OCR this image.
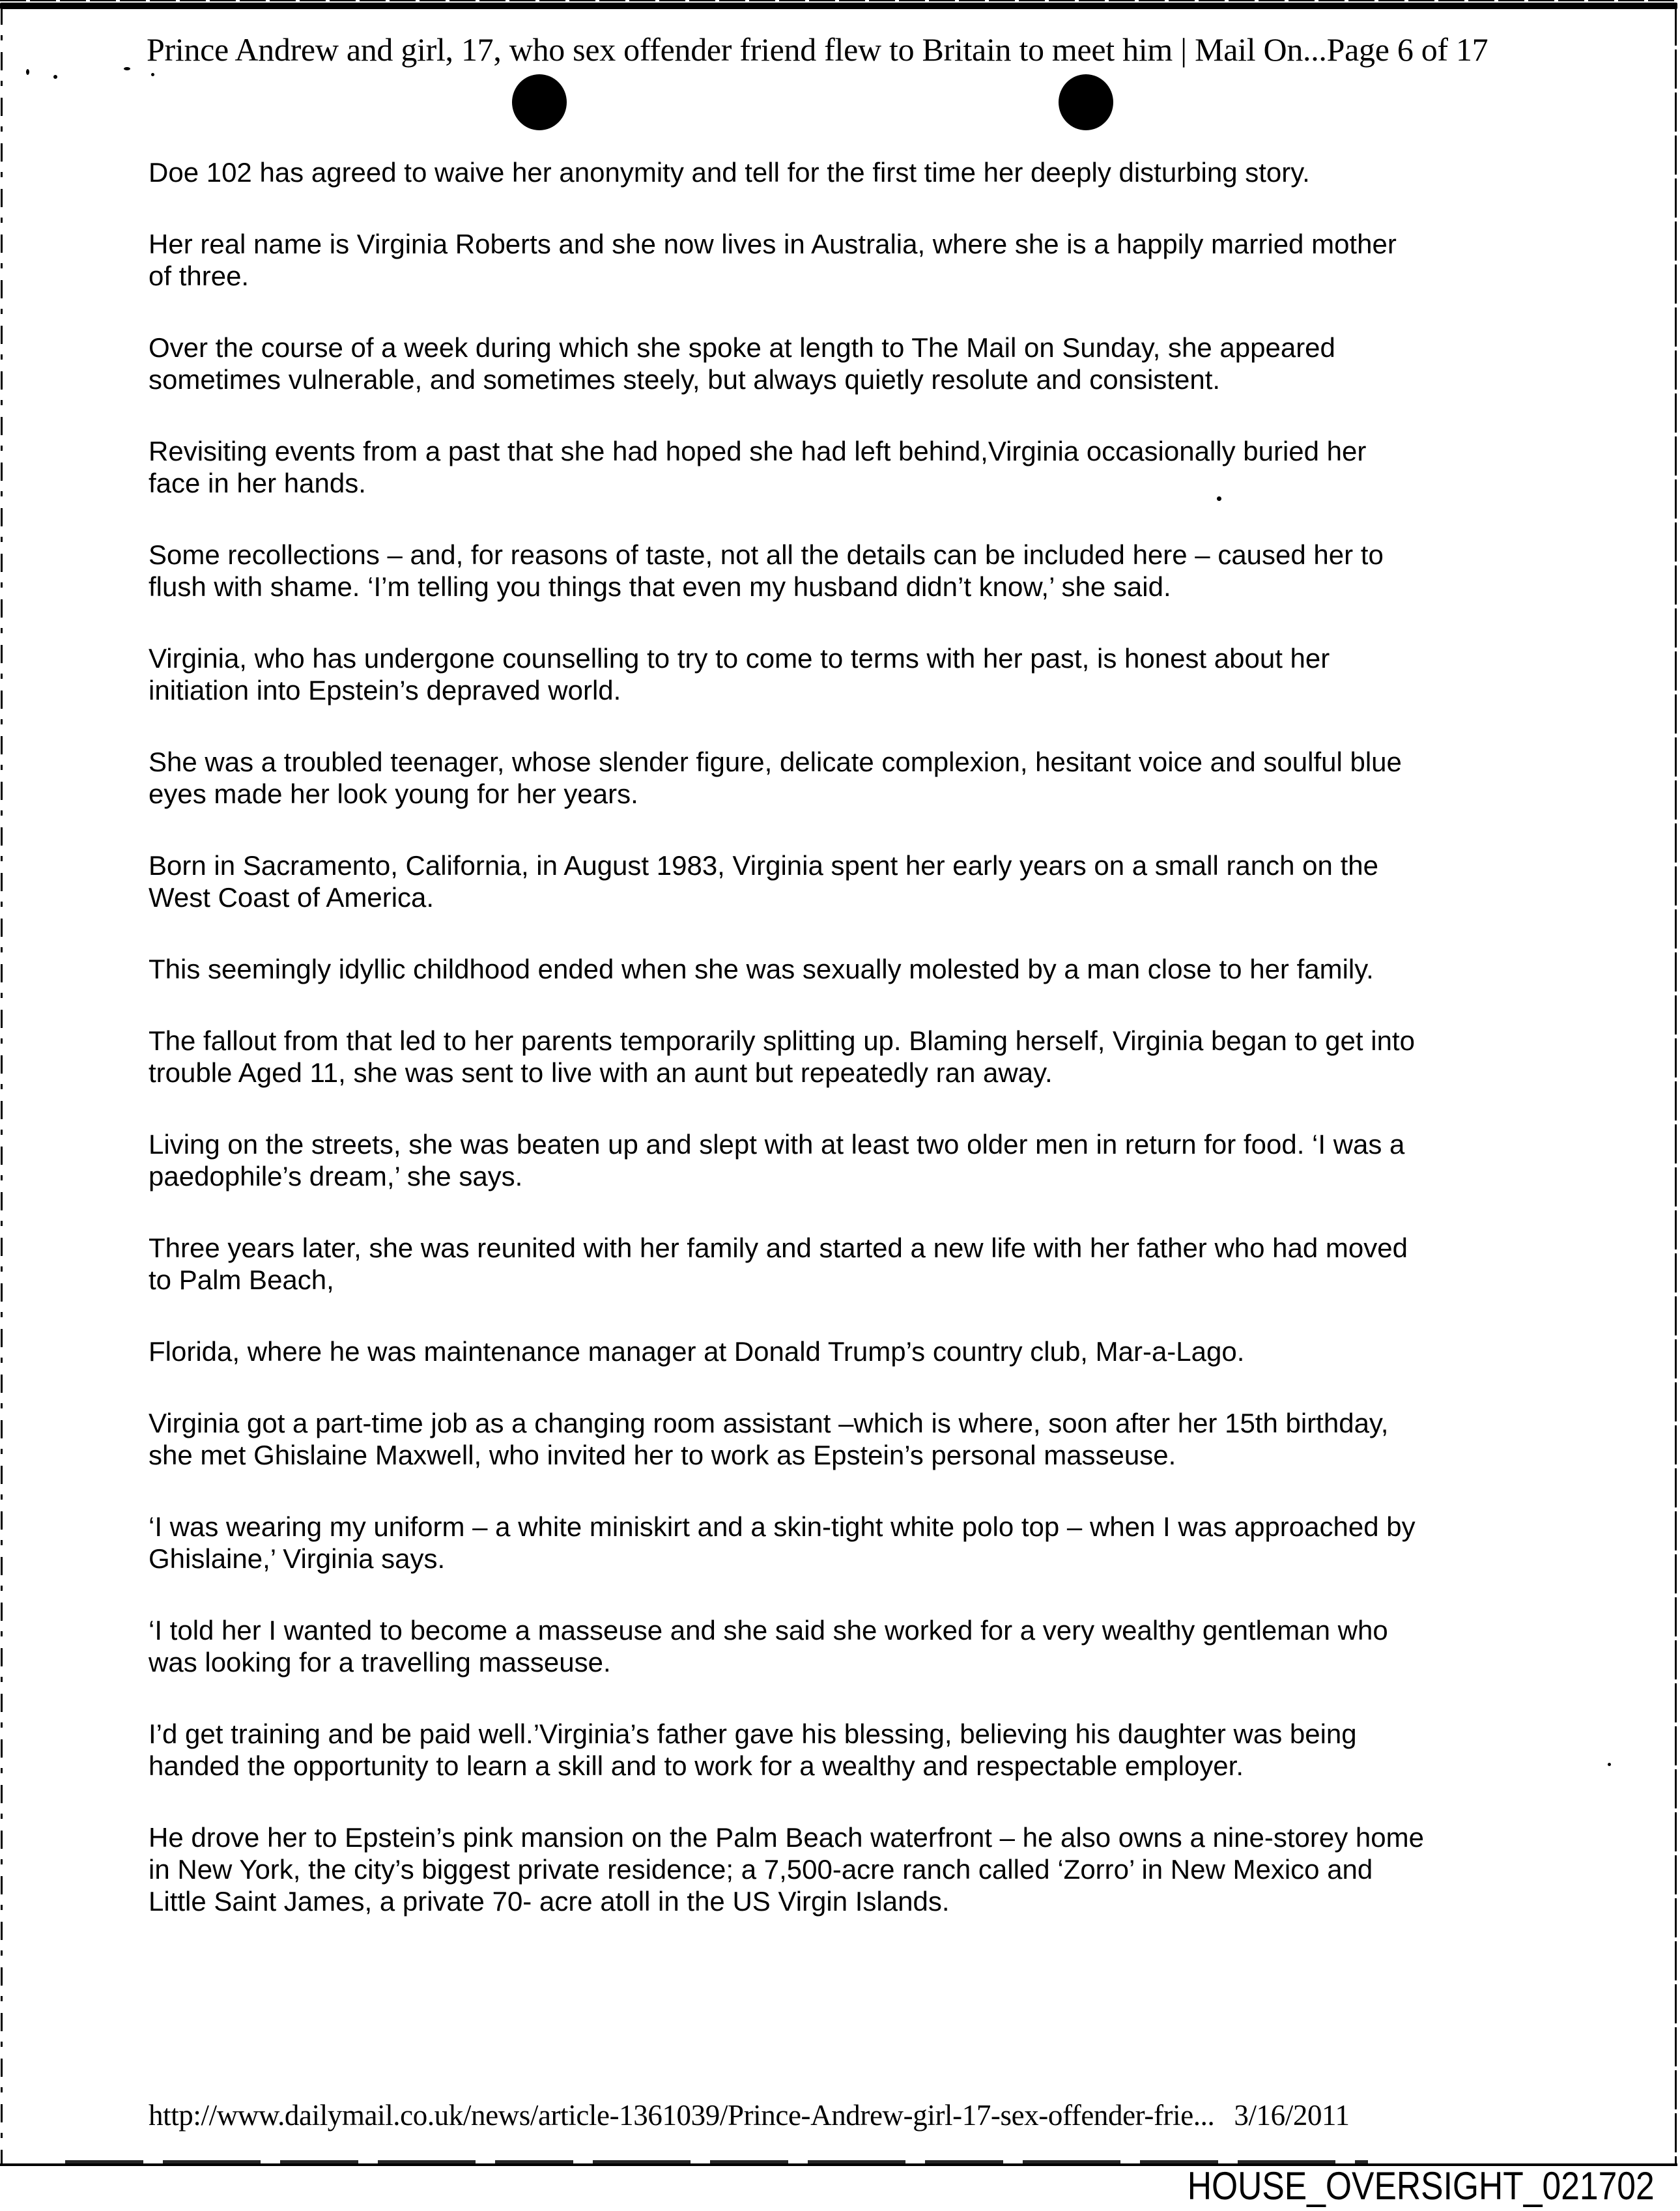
Prince Andrew and girl, 17, who sex offender friend flew to Britain to meet him | Mail On...Page 6 of 17

Doe 102 has agreed to waive her anonymity and tell for the first time her deeply disturbing story.

Her real name is Virginia Roberts and she now lives in Australia, where she is a happily married mother
of three.

Over the course of a week during which she spoke at length to The Mail on Sunday, she appeared
sometimes vulnerable, and sometimes steely, but always quietly resolute and consistent.

Revisiting events from a past that she had hoped she had left behind,Virginia occasionally buried her
face in her hands.

Some recollections – and, for reasons of taste, not all the details can be included here – caused her to
flush with shame. ‘I’m telling you things that even my husband didn’t know,’ she said.

Virginia, who has undergone counselling to try to come to terms with her past, is honest about her
initiation into Epstein’s depraved world.

She was a troubled teenager, whose slender figure, delicate complexion, hesitant voice and soulful blue
eyes made her look young for her years.

Born in Sacramento, California, in August 1983, Virginia spent her early years on a small ranch on the
West Coast of America.

This seemingly idyllic childhood ended when she was sexually molested by a man close to her family.

The fallout from that led to her parents temporarily splitting up. Blaming herself, Virginia began to get into
trouble Aged 11, she was sent to live with an aunt but repeatedly ran away.

Living on the streets, she was beaten up and slept with at least two older men in return for food. ‘I was a
paedophile’s dream,’ she says.

Three years later, she was reunited with her family and started a new life with her father who had moved
to Palm Beach,

Florida, where he was maintenance manager at Donald Trump’s country club, Mar-a-Lago.

Virginia got a part-time job as a changing room assistant –which is where, soon after her 15th birthday,
she met Ghislaine Maxwell, who invited her to work as Epstein’s personal masseuse.

‘I was wearing my uniform – a white miniskirt and a skin-tight white polo top – when I was approached by
Ghislaine,’ Virginia says.

‘I told her I wanted to become a masseuse and she said she worked for a very wealthy gentleman who
was looking for a travelling masseuse.

I’d get training and be paid well.’Virginia’s father gave his blessing, believing his daughter was being
handed the opportunity to learn a skill and to work for a wealthy and respectable employer.

He drove her to Epstein’s pink mansion on the Palm Beach waterfront – he also owns a nine-storey home
in New York, the city’s biggest private residence; a 7,500-acre ranch called ‘Zorro’ in New Mexico and
Little Saint James, a private 70- acre atoll in the US Virgin Islands.

http://www.dailymail.co.uk/news/article-1361039/Prince-Andrew-girl-17-sex-offender-frie... 3/16/2011
HOUSE_OVERSIGHT_021702
